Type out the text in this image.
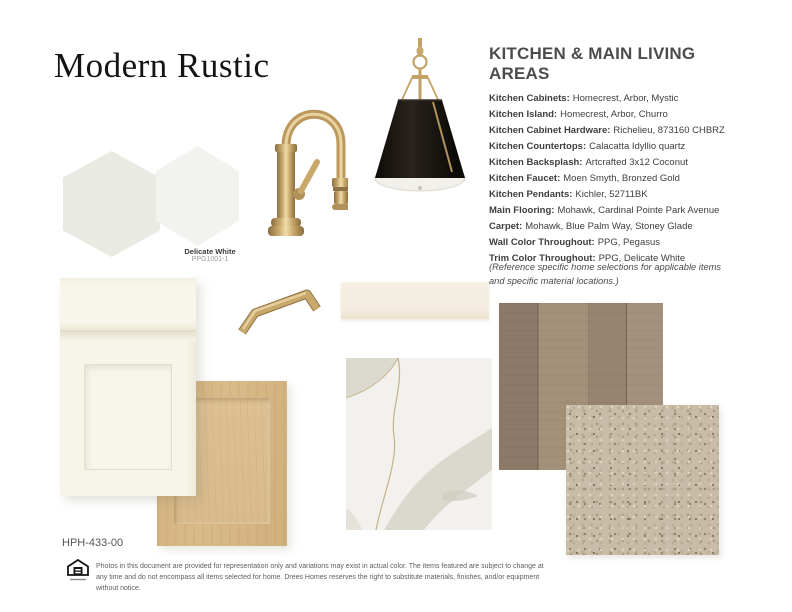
Modern Rustic	KITCHEN & MAIN LIVING AREAS
Kitchen Cabinets: Homecrest, Arbor, Mystic
Kitchen Island: Homecrest, Arbor, Churro
Kitchen Cabinet Hardware: Richelieu, 873160 CHBRZ
Kitchen Countertops: Calacatta Idyllio quartz
Kitchen Backsplash: Artcrafted 3x12 Coconut
Kitchen Faucet: Moen Smyth, Bronzed Gold
Kitchen Pendants: Kichler, 52711BK
Main Flooring: Mohawk, Cardinal Pointe Park Avenue
Carpet: Mohawk, Blue Palm Way, Stoney Glade
Wall Color Throughout: PPG, Pegasus
Trim Color Throughout: PPG, Delicate White
(Reference specific home selections for applicable items and specific material locations.)
Delicate White
PPG1001-1
HPH-433-00
Photos in this document are provided for representation only and variations may exist in actual color. The items featured are subject to change at any time and do not encompass all items selected for home. Drees Homes reserves the right to substitute materials, finishes, and/or equipment without notice.
